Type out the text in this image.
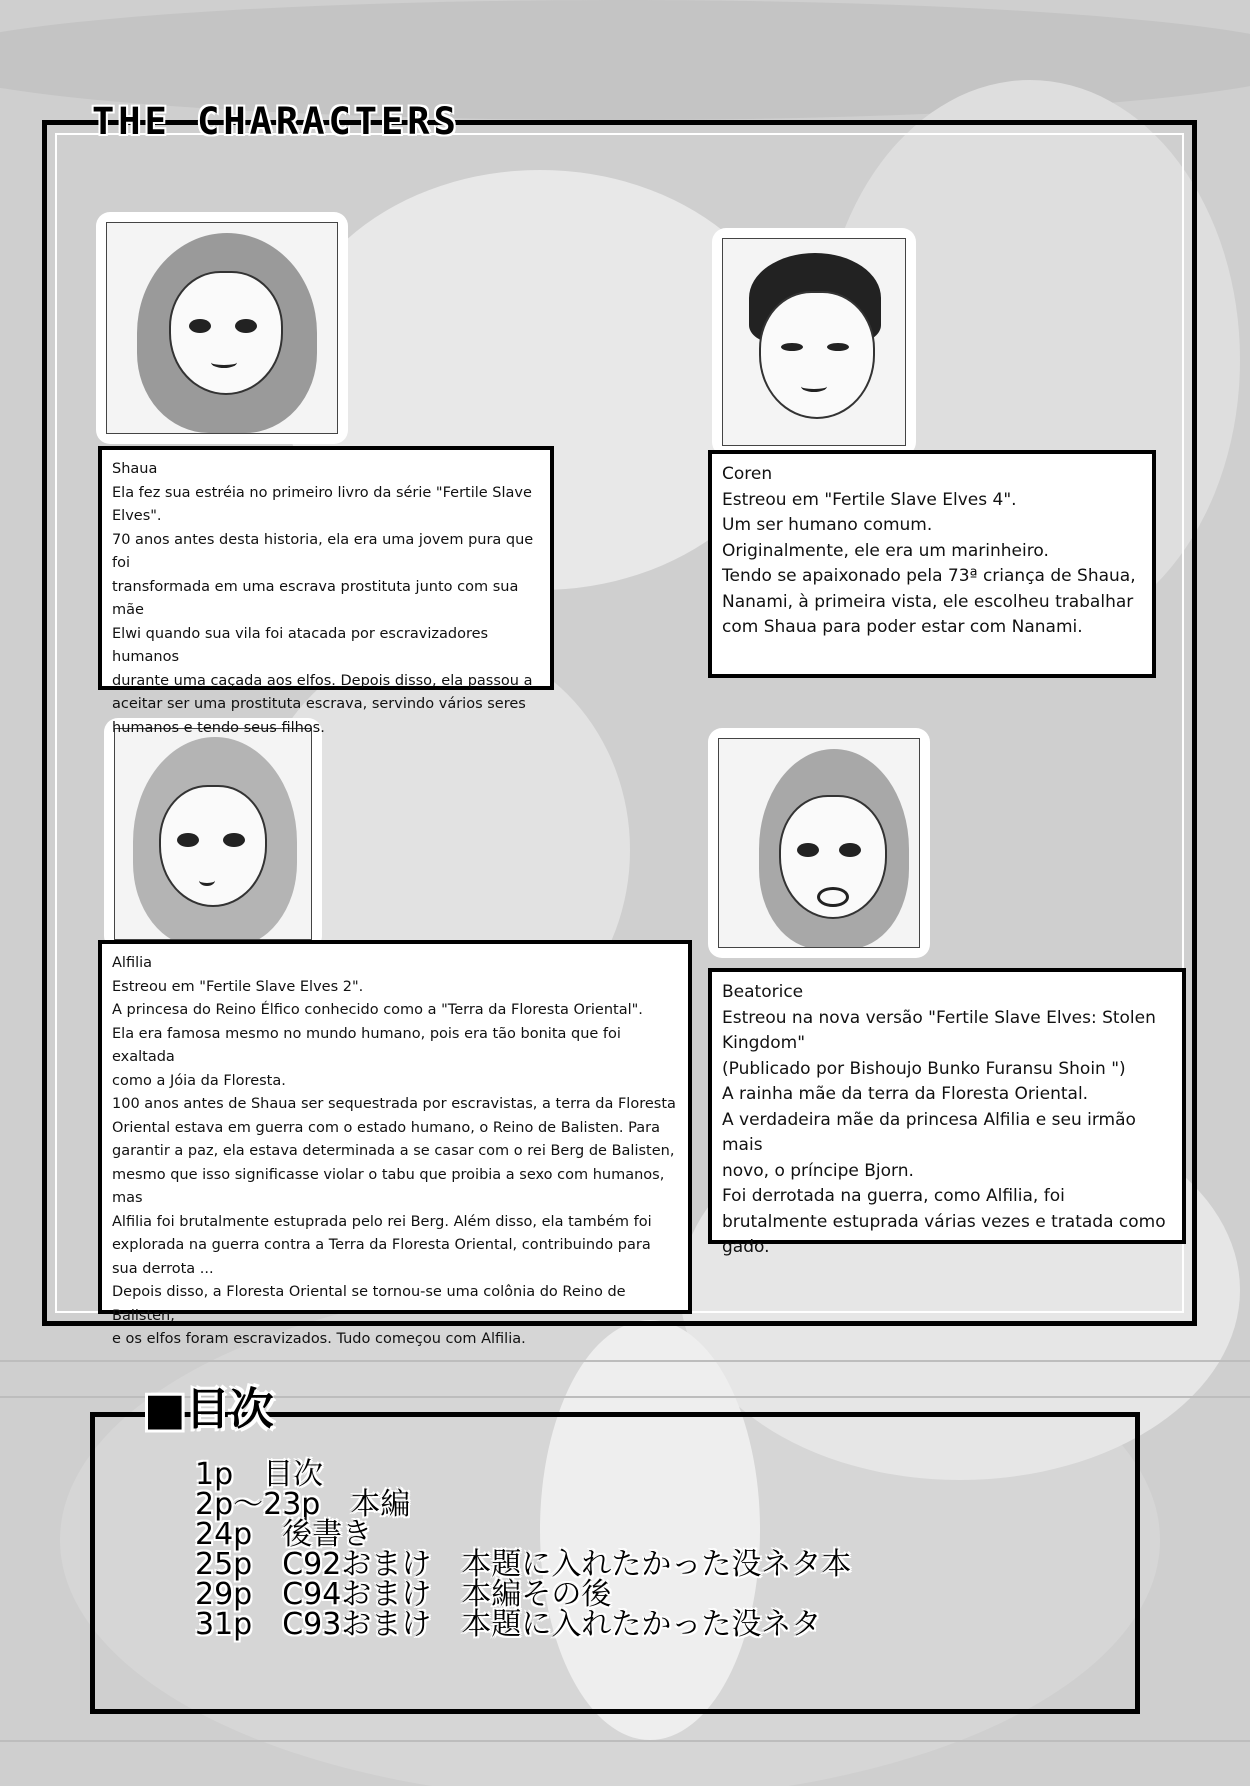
THE CHARACTERS

Shaua

Ela fez sua estréia no primeiro livro da série "Fertile Slave

Elves".

70 anos antes desta historia, ela era uma jovem pura que foi

transformada em uma escrava prostituta junto com sua mãe

Elwi quando sua vila foi atacada por escravizadores humanos

durante uma caçada aos elfos. Depois disso, ela passou a

aceitar ser uma prostituta escrava, servindo vários seres

humanos e tendo seus filhos.

Coren

Estreou em "Fertile Slave Elves 4".

Um ser humano comum.

Originalmente, ele era um marinheiro.

Tendo se apaixonado pela 73ª criança de Shaua,

Nanami, à primeira vista, ele escolheu trabalhar

com Shaua para poder estar com Nanami.

Alfilia

Estreou em "Fertile Slave Elves 2".

A princesa do Reino Élfico conhecido como a "Terra da Floresta Oriental".

Ela era famosa mesmo no mundo humano, pois era tão bonita que foi exaltada

como a Jóia da Floresta.

100 anos antes de Shaua ser sequestrada por escravistas, a terra da Floresta

Oriental estava em guerra com o estado humano, o Reino de Balisten. Para

garantir a paz, ela estava determinada a se casar com o rei Berg de Balisten,

mesmo que isso significasse violar o tabu que proibia a sexo com humanos, mas

Alfilia foi brutalmente estuprada pelo rei Berg. Além disso, ela também foi

explorada na guerra contra a Terra da Floresta Oriental, contribuindo para

sua derrota ...

Depois disso, a Floresta Oriental se tornou-se uma colônia do Reino de Balisten,

e os elfos foram escravizados. Tudo começou com Alfilia.

Beatorice

Estreou na nova versão "Fertile Slave Elves: Stolen

Kingdom"

(Publicado por Bishoujo Bunko Furansu Shoin ")

A rainha mãe da terra da Floresta Oriental.

A verdadeira mãe da princesa Alfilia e seu irmão mais

novo, o príncipe Bjorn.

Foi derrotada na guerra, como Alfilia, foi

brutalmente estuprada várias vezes e tratada como

gado.

■目次
1p　目次
2p～23p　本編
24p　後書き
25p　C92おまけ　本題に入れたかった没ネタ本
29p　C94おまけ　本編その後
31p　C93おまけ　本題に入れたかった没ネタ
